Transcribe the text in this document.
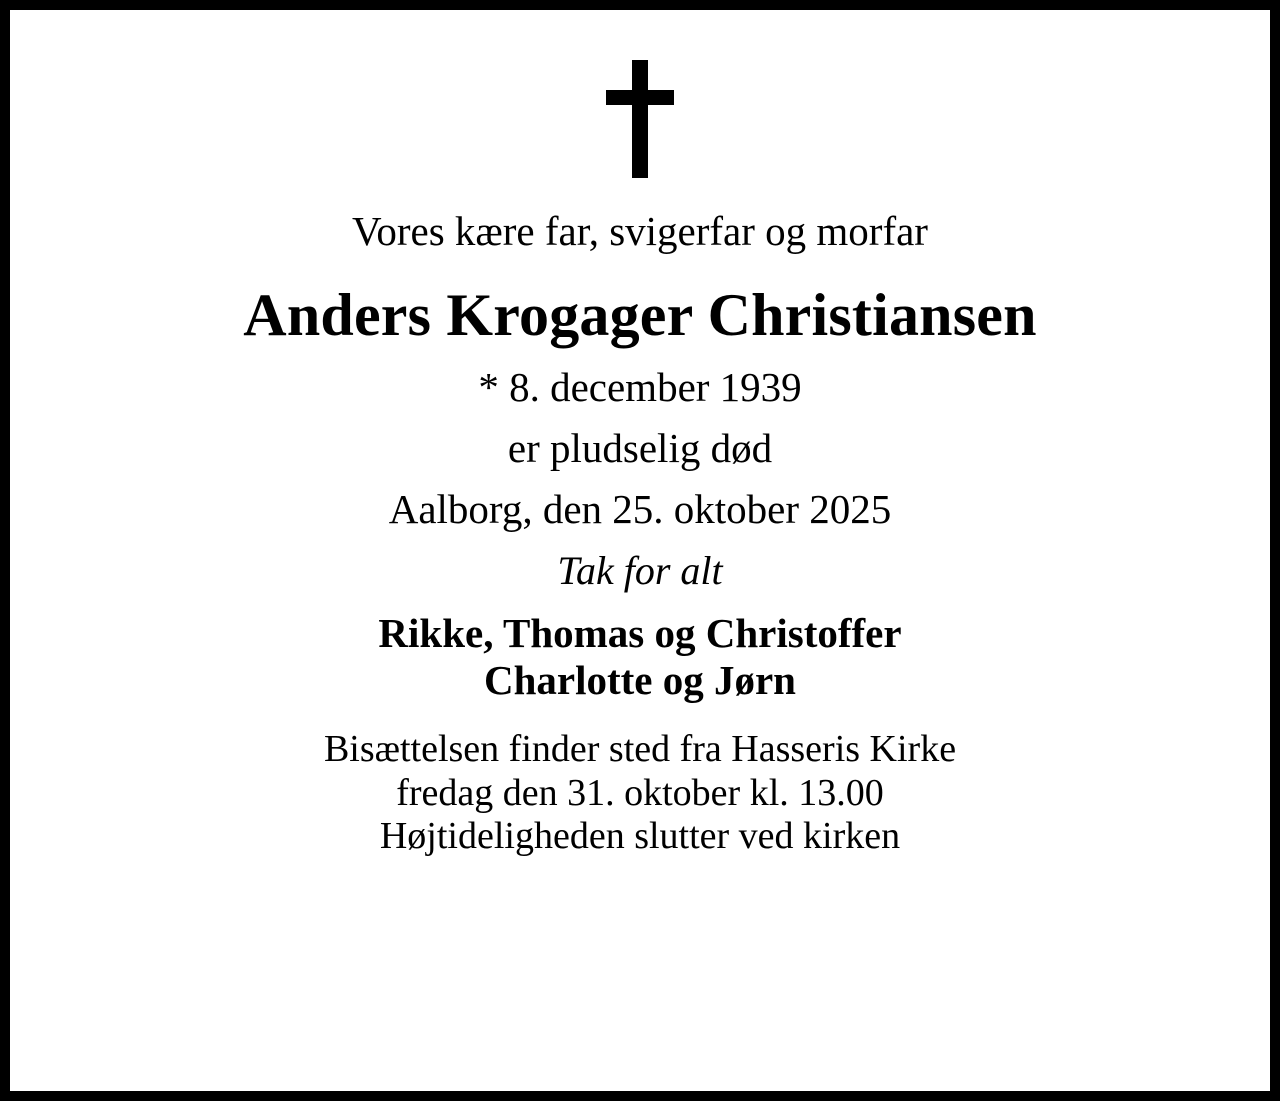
Vores kære far, svigerfar og morfar
Anders Krogager Christiansen
* 8. december 1939
er pludselig død
Aalborg, den 25. oktober 2025
Tak for alt
Rikke, Thomas og Christoffer
Charlotte og Jørn
Bisættelsen finder sted fra Hasseris Kirke
fredag den 31. oktober kl. 13.00
Højtideligheden slutter ved kirken
